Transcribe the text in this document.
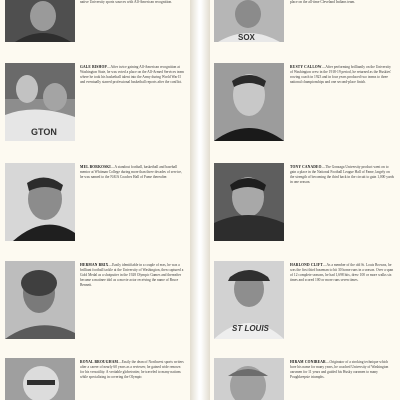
native University sports sources with All-American recognition.
GTON
GALE BISHOP—After twice gaining All-American recognition at Washington State, he was voted a place on the All-Armed Services team where he took his basketball talent into the Army during World War II and eventually starred professional basketball reports after the conflict.
MEL BORKOSKI—A standout football, basketball and baseball mentor at Whitman College during more than three decades of service, he was named to the NAIA Coaches Hall of Fame thereafter.
HERMAN BRIX—Easily identifiable in a couple of eras, he was a brilliant football tackle at the University of Washington, then captured a Gold Medal as a shotputter in the 1928 Olympic Games and thereafter became a matinee idol as a movie actor receiving the name of Bruce Bennett.
ROYAL BROUGHAM—Easily the dean of Northwest sports writers after a career of nearly 60 years as a reviewer, he gained wide renown for his versatility. A veritable globetrotter, he traveled to many nations while specializing in covering the Olympic
SOX
place on the all-time Cleveland Indians team.
RUSTY CALLOW—After performing brilliantly on the University of Washington crew in the 1918-19 period, he returned as the Huskies' rowing coach in 1923 and in four years produced two teams to three national championships and one second-place finish.
TONY CANADEO—The Gonzaga University product went on to gain a place in the National Football League Hall of Fame, largely on the strength of becoming the third back in the circuit to gain 1,000 yards in one season.
ST LOUIS
HARLOND CLIFT—As a member of the old St. Louis Browns, he was the first third baseman to hit 30 home runs in a season. Over a span of 12 complete seasons, he had 1,698 hits, drew 100 or more walks six times and scored 100 or more runs seven times.
HIRAM CONIBEAR—Originator of a stroking technique which bore his name for many years, he coached University of Washington oarsmen for 11 years and guided his Husky oarsmen to many Poughkeepsie triumphs.
